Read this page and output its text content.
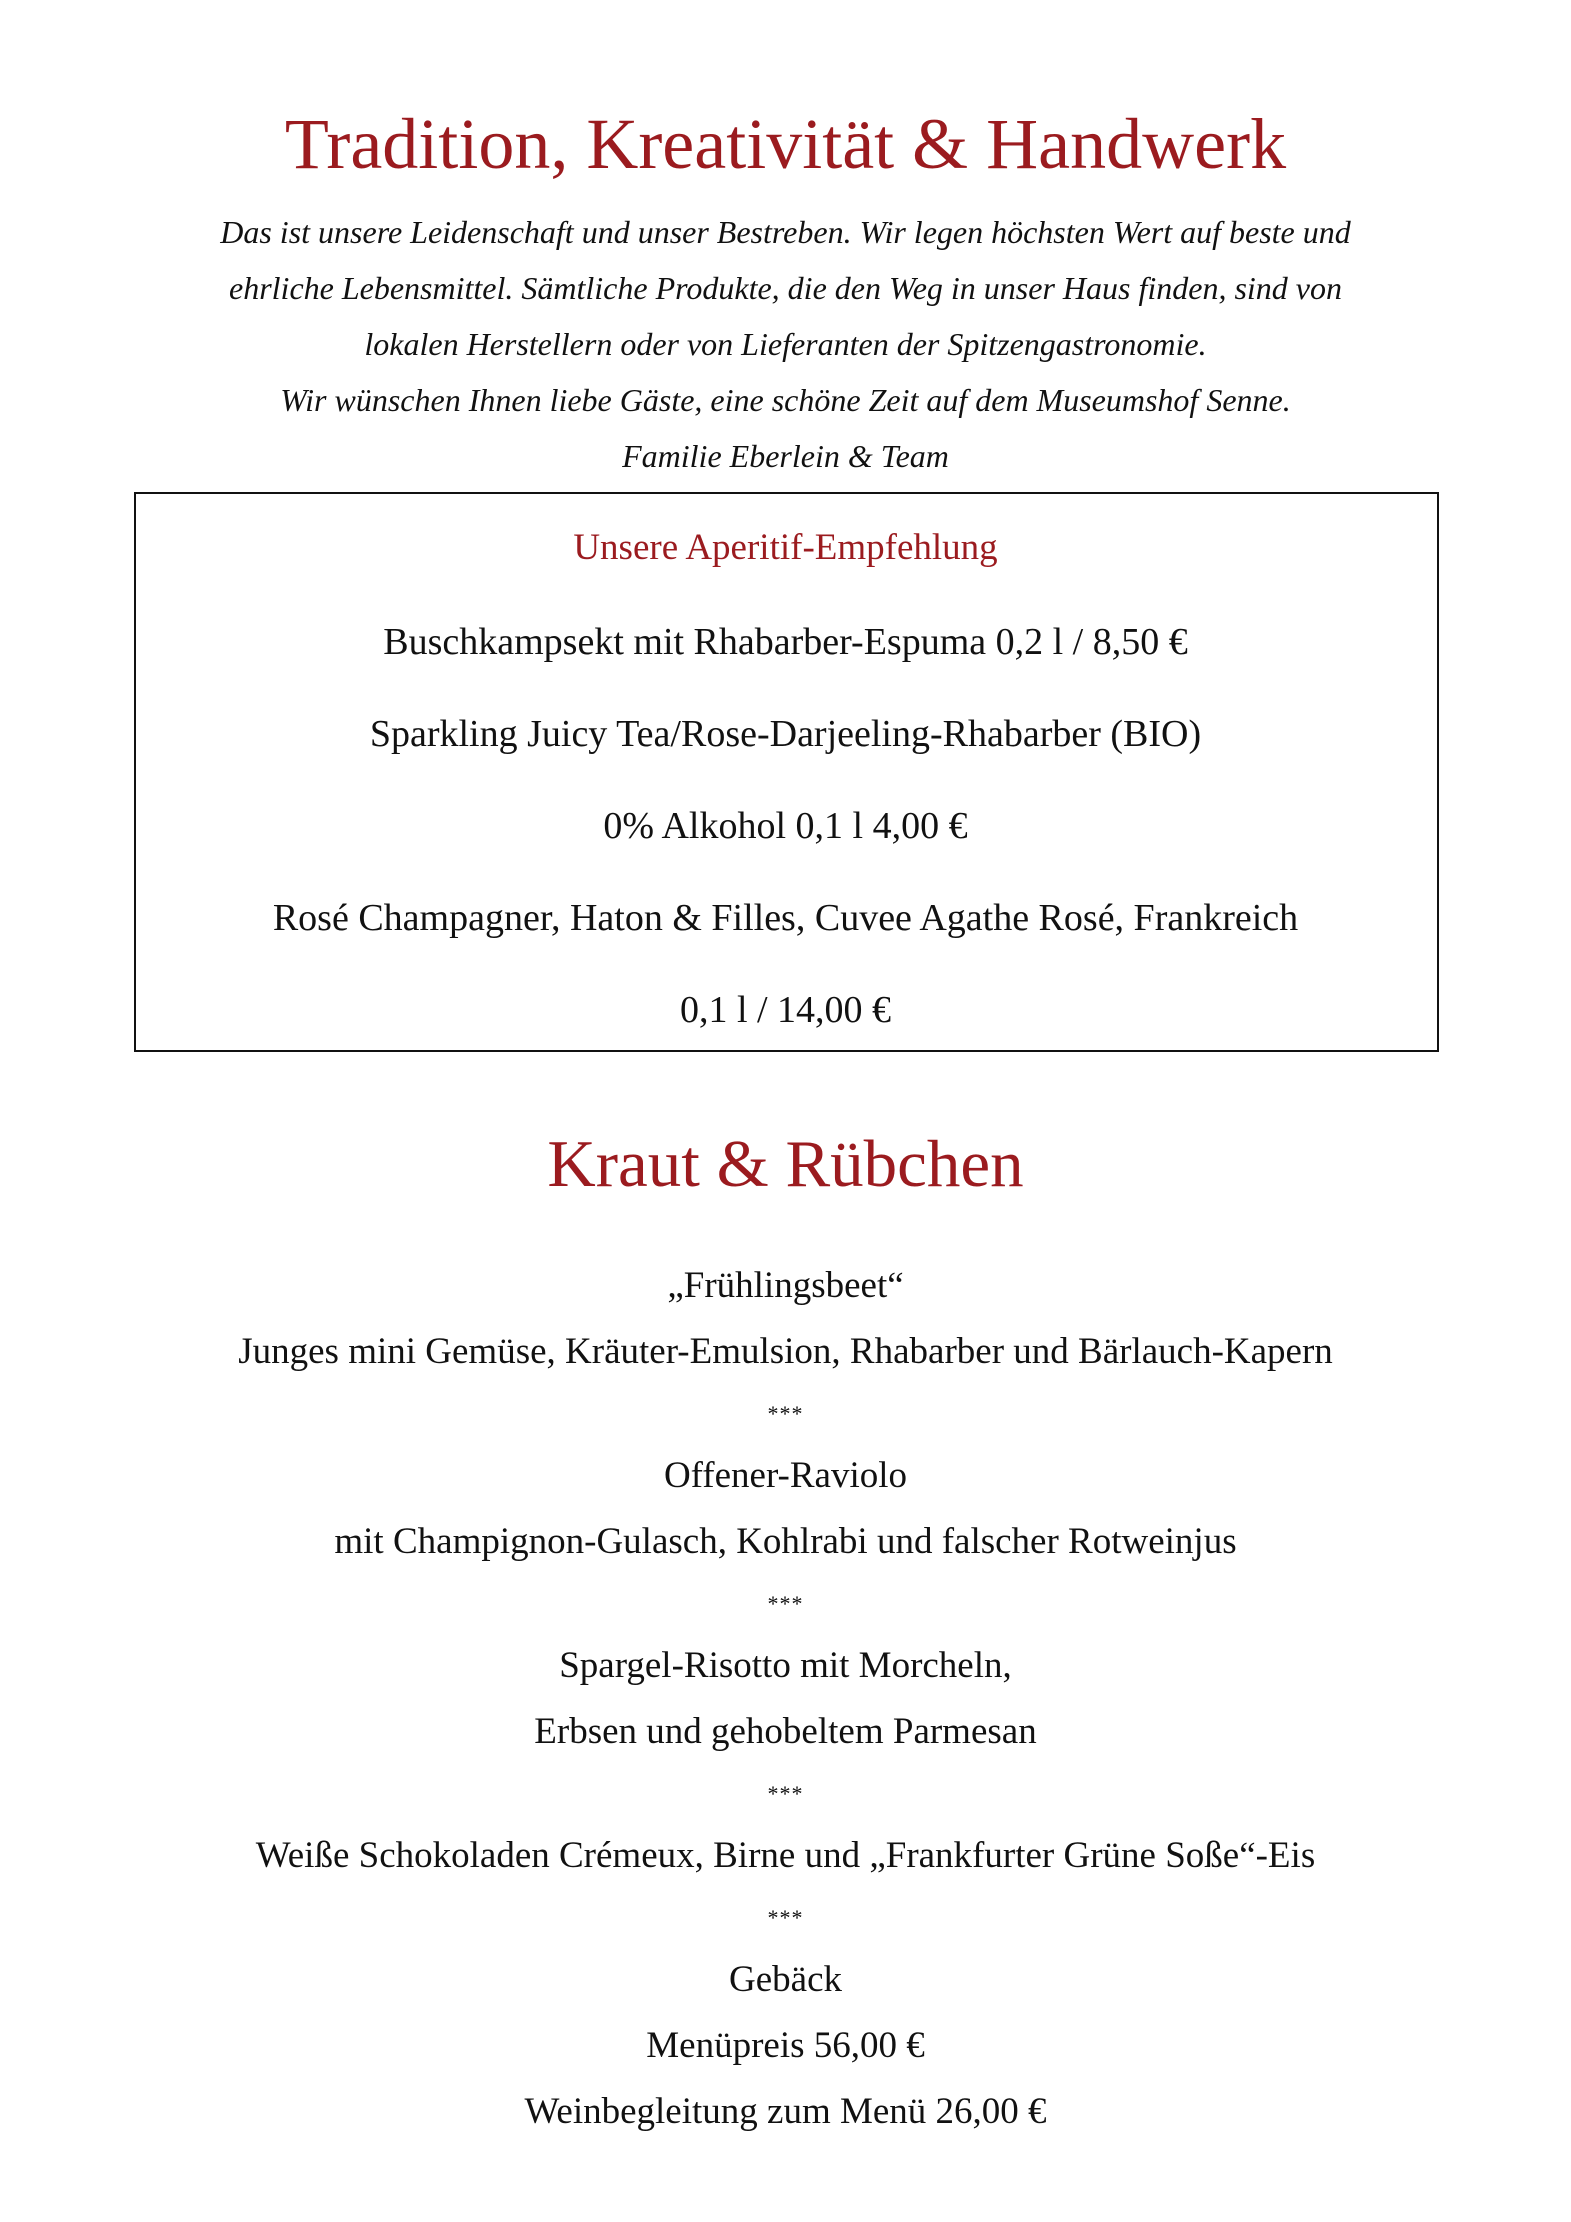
Tradition, Kreativität & Handwerk
Das ist unsere Leidenschaft und unser Bestreben. Wir legen höchsten Wert auf beste und
ehrliche Lebensmittel. Sämtliche Produkte, die den Weg in unser Haus finden, sind von
lokalen Herstellern oder von Lieferanten der Spitzengastronomie.
Wir wünschen Ihnen liebe Gäste, eine schöne Zeit auf dem Museumshof Senne.
Familie Eberlein & Team
Unsere Aperitif-Empfehlung
Buschkampsekt mit Rhabarber-Espuma 0,2 l / 8,50 €
Sparkling Juicy Tea/Rose-Darjeeling-Rhabarber (BIO)
0% Alkohol 0,1 l 4,00 €
Rosé Champagner, Haton & Filles, Cuvee Agathe Rosé, Frankreich
0,1 l / 14,00 €
Kraut & Rübchen
„Frühlingsbeet“
Junges mini Gemüse, Kräuter-Emulsion, Rhabarber und Bärlauch-Kapern
***
Offener-Raviolo
mit Champignon-Gulasch, Kohlrabi und falscher Rotweinjus
***
Spargel-Risotto mit Morcheln,
Erbsen und gehobeltem Parmesan
***
Weiße Schokoladen Crémeux, Birne und „Frankfurter Grüne Soße“-Eis
***
Gebäck
Menüpreis 56,00 €
Weinbegleitung zum Menü 26,00 €
